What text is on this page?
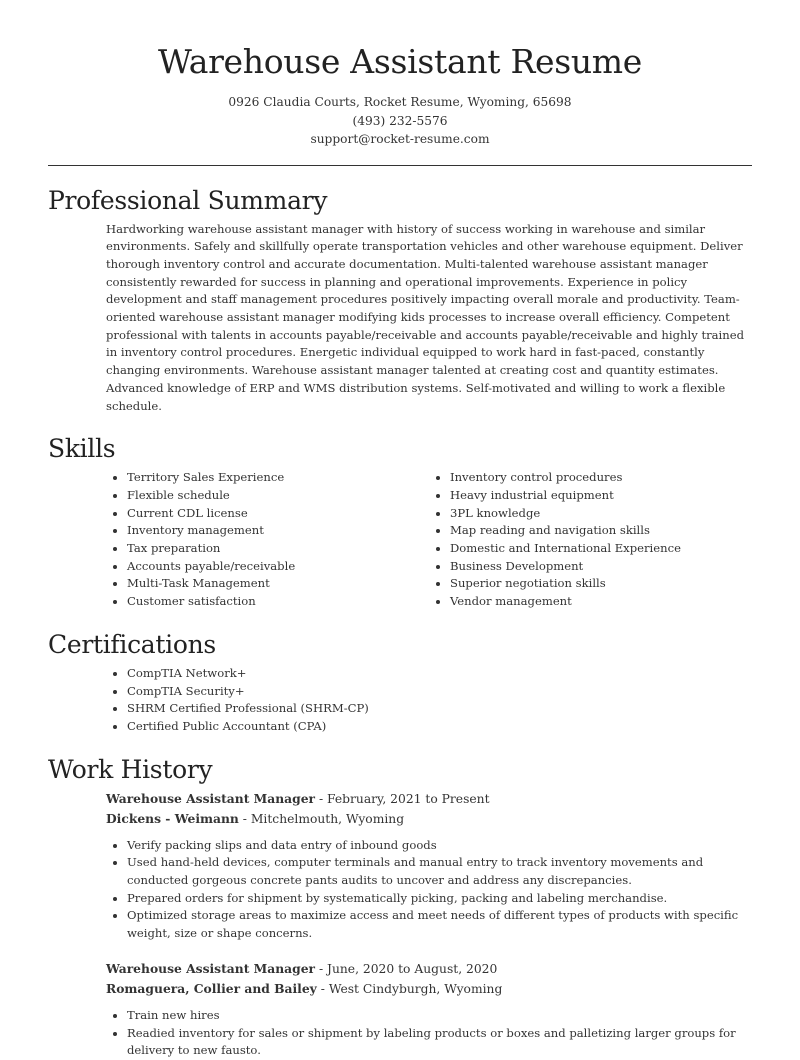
Warehouse Assistant Resume
0926 Claudia Courts, Rocket Resume, Wyoming, 65698
(493) 232-5576
support@rocket-resume.com
Professional Summary

Hardworking warehouse assistant manager with history of success working in warehouse and similar environments. Safely and skillfully operate transportation vehicles and other warehouse equipment. Deliver thorough inventory control and accurate documentation. Multi-talented warehouse assistant manager consistently rewarded for success in planning and operational improvements. Experience in policy development and staff management procedures positively impacting overall morale and productivity. Team-oriented warehouse assistant manager modifying kids processes to increase overall efficiency. Competent professional with talents in accounts payable/receivable and accounts payable/receivable and highly trained in inventory control procedures. Energetic individual equipped to work hard in fast-paced, constantly changing environments. Warehouse assistant manager talented at creating cost and quantity estimates. Advanced knowledge of ERP and WMS distribution systems. Self-motivated and willing to work a flexible schedule.

Skills
• Territory Sales Experience
• Flexible schedule
• Current CDL license
• Inventory management
• Tax preparation
• Accounts payable/receivable
• Multi-Task Management
• Customer satisfaction
• Inventory control procedures
• Heavy industrial equipment
• 3PL knowledge
• Map reading and navigation skills
• Domestic and International Experience
• Business Development
• Superior negotiation skills
• Vendor management
Certifications
• CompTIA Network+
• CompTIA Security+
• SHRM Certified Professional (SHRM-CP)
• Certified Public Accountant (CPA)
Work History
Warehouse Assistant Manager - February, 2021 to Present
Dickens - Weimann - Mitchelmouth, Wyoming
• Verify packing slips and data entry of inbound goods
• Used hand-held devices, computer terminals and manual entry to track inventory movements and conducted gorgeous concrete pants audits to uncover and address any discrepancies.
• Prepared orders for shipment by systematically picking, packing and labeling merchandise.
• Optimized storage areas to maximize access and meet needs of different types of products with specific weight, size or shape concerns.
Warehouse Assistant Manager - June, 2020 to August, 2020
Romaguera, Collier and Bailey - West Cindyburgh, Wyoming
• Train new hires
• Readied inventory for sales or shipment by labeling products or boxes and palletizing larger groups for delivery to new fausto.
